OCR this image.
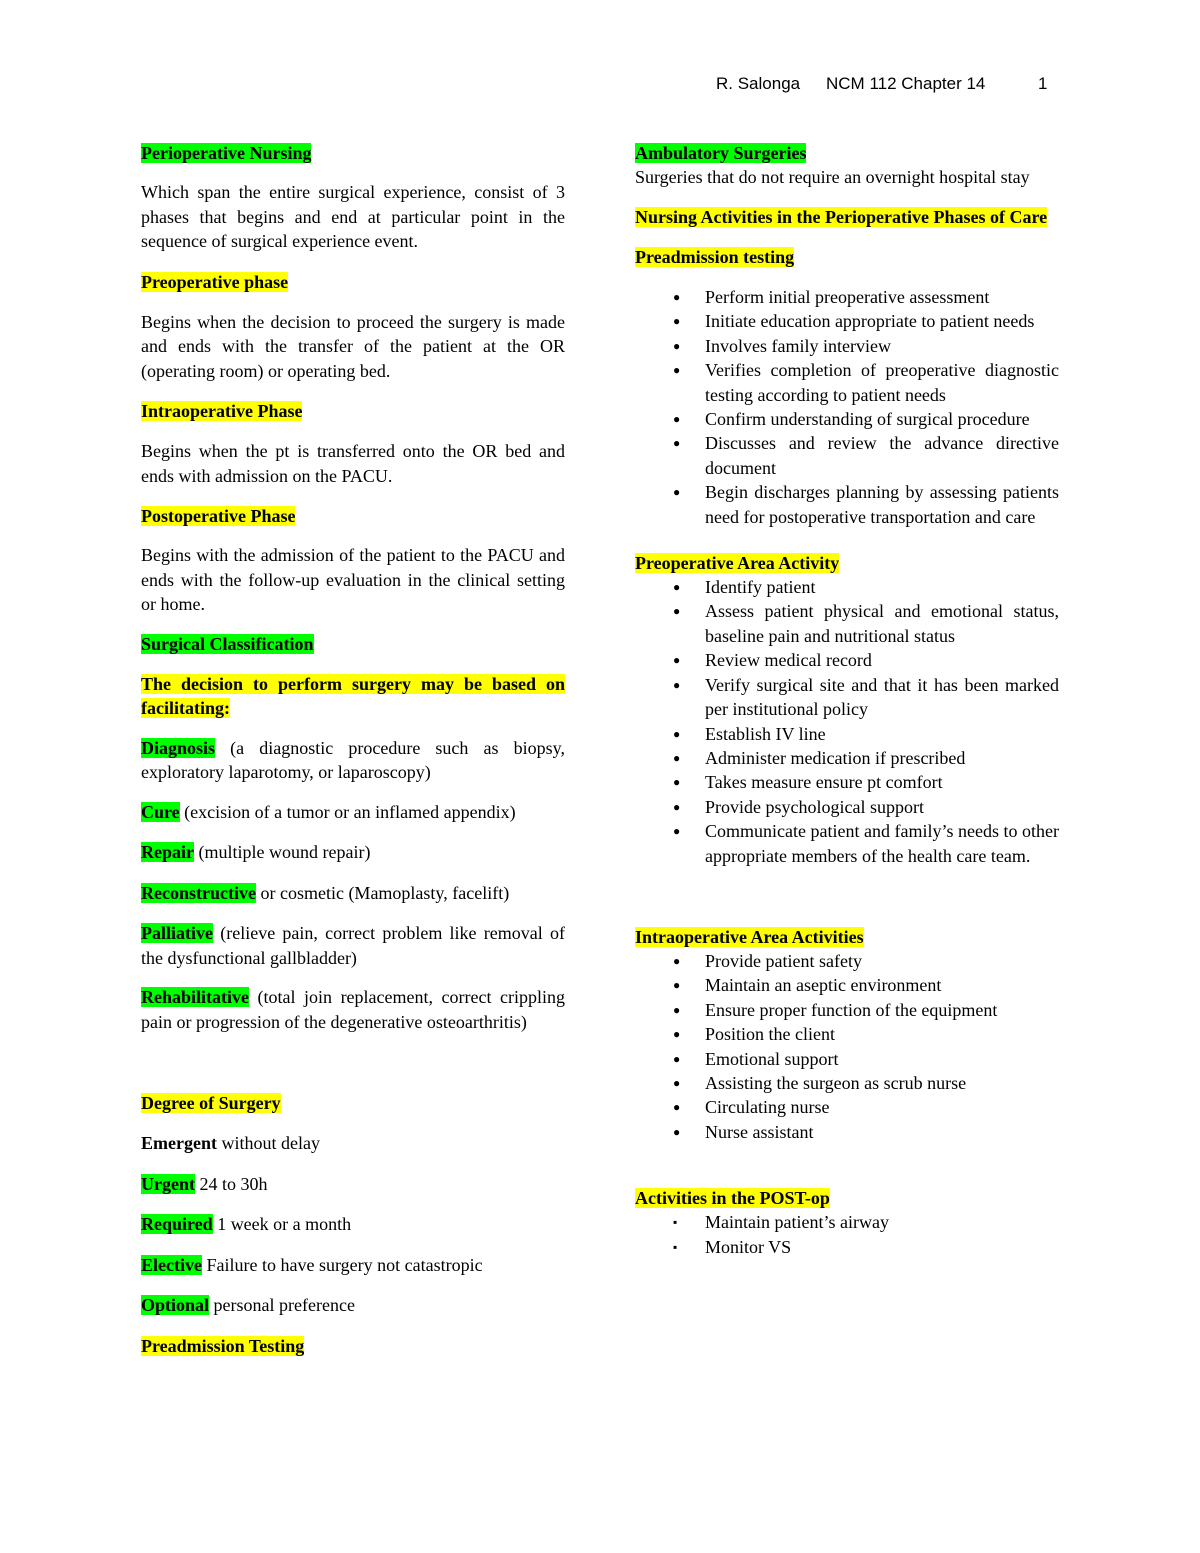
R. Salonga NCM 112 Chapter 14	1
Perioperative Nursing

Which span the entire surgical experience, consist of 3 phases that begins and end at particular point in the sequence of surgical experience event.

Preoperative phase

Begins when the decision to proceed the surgery is made and ends with the transfer of the patient at the OR (operating room) or operating bed.

Intraoperative Phase

Begins when the pt is transferred onto the OR bed and ends with admission on the PACU.

Postoperative Phase

Begins with the admission of the patient to the PACU and ends with the follow-up evaluation in the clinical setting or home.

Surgical Classification

The decision to perform surgery may be based on facilitating:

Diagnosis (a diagnostic procedure such as biopsy, exploratory laparotomy, or laparoscopy)

Cure (excision of a tumor or an inflamed appendix)

Repair (multiple wound repair)

Reconstructive or cosmetic (Mamoplasty, facelift)

Palliative (relieve pain, correct problem like removal of the dysfunctional gallbladder)

Rehabilitative (total join replacement, correct crippling pain or progression of the degenerative osteoarthritis)

Degree of Surgery

Emergent without delay

Urgent 24 to 30h

Required 1 week or a month

Elective Failure to have surgery not catastropic

Optional personal preference

Preadmission Testing
Ambulatory Surgeries

Surgeries that do not require an overnight hospital stay

Nursing Activities in the Perioperative Phases of Care

Preadmission testing
● Perform initial preoperative assessment
● Initiate education appropriate to patient needs
● Involves family interview
● Verifies completion of preoperative diagnostic testing according to patient needs
● Confirm understanding of surgical procedure
● Discusses and review the advance directive document
● Begin discharges planning by assessing patients need for postoperative transportation and care
Preoperative Area Activity
● Identify patient
● Assess patient physical and emotional status, baseline pain and nutritional status
● Review medical record
● Verify surgical site and that it has been marked per institutional policy
● Establish IV line
● Administer medication if prescribed
● Takes measure ensure pt comfort
● Provide psychological support
● Communicate patient and family’s needs to other appropriate members of the health care team.
Intraoperative Area Activities
● Provide patient safety
● Maintain an aseptic environment
● Ensure proper function of the equipment
● Position the client
● Emotional support
● Assisting the surgeon as scrub nurse
● Circulating nurse
● Nurse assistant
Activities in the POST-op
▪ Maintain patient’s airway
▪ Monitor VS
